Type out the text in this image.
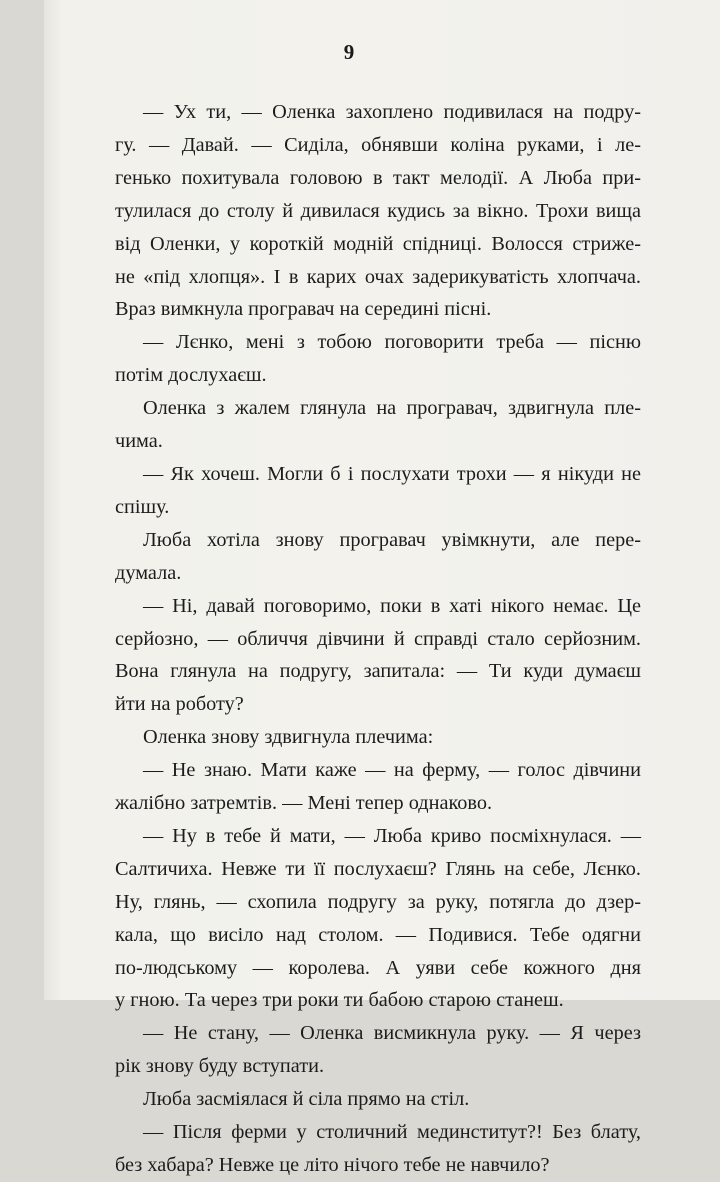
9
— Ух ти, — Оленка захоплено подивилася на подру-
гу. — Давай. — Сиділа, обнявши коліна руками, і ле-
генько похитувала головою в такт мелодії. А Люба при-
тулилася до столу й дивилася кудись за вікно. Трохи вища
від Оленки, у короткій модній спідниці. Волосся стриже-
не «під хлопця». І в карих очах задерикуватість хлопчача.
Враз вимкнула програвач на середині пісні.
— Лєнко, мені з тобою поговорити треба — пісню
потім дослухаєш.
Оленка з жалем глянула на програвач, здвигнула пле-
чима.
— Як хочеш. Могли б і послухати трохи — я нікуди не
спішу.
Люба хотіла знову програвач увімкнути, але пере-
думала.
— Ні, давай поговоримо, поки в хаті нікого немає. Це
серйозно, — обличчя дівчини й справді стало серйозним.
Вона глянула на подругу, запитала: — Ти куди думаєш
йти на роботу?
Оленка знову здвигнула плечима:
— Не знаю. Мати каже — на ферму, — голос дівчини
жалібно затремтів. — Мені тепер однаково.
— Ну в тебе й мати, — Люба криво посміхнулася. —
Салтичиха. Невже ти її послухаєш? Глянь на себе, Лєнко.
Ну, глянь, — схопила подругу за руку, потягла до дзер-
кала, що висіло над столом. — Подивися. Тебе одягни
по-людському — королева. А уяви себе кожного дня
у гною. Та через три роки ти бабою старою станеш.
— Не стану, — Оленка висмикнула руку. — Я через
рік знову буду вступати.
Люба засміялася й сіла прямо на стіл.
— Після ферми у столичний мединститут?! Без блату,
без хабара? Невже це літо нічого тебе не навчило?
